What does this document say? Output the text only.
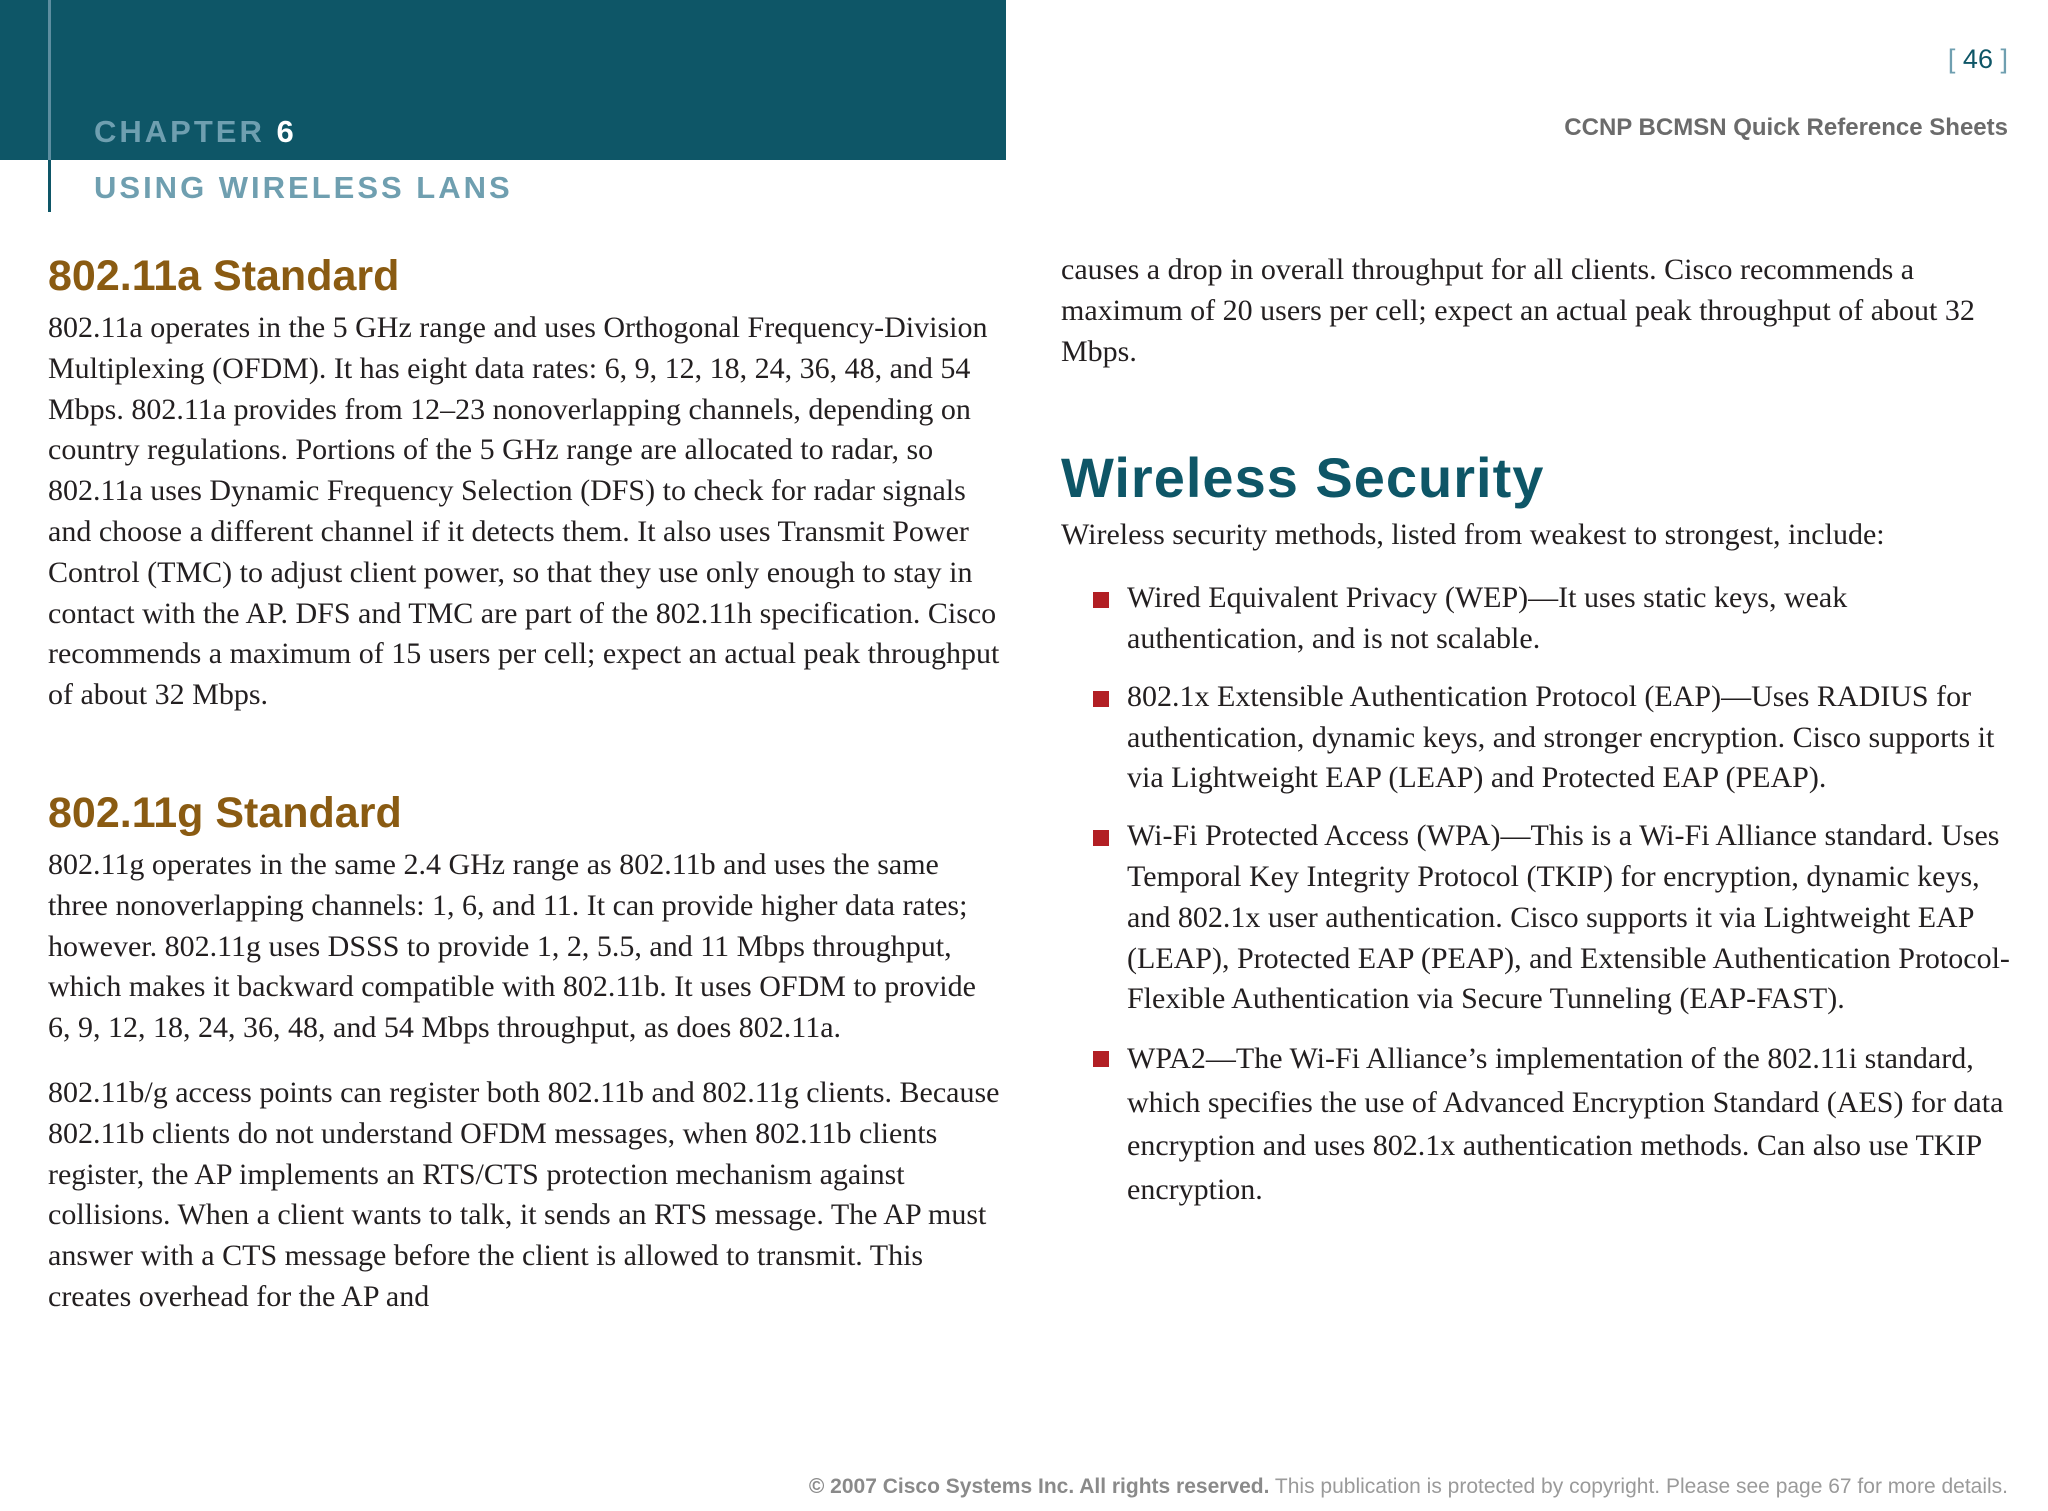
CHAPTER 6
USING WIRELESS LANS
[ 46 ]
CCNP BCMSN Quick Reference Sheets
802.11a Standard
802.11a operates in the 5 GHz range and uses Orthogonal Frequency-Division Multiplexing (OFDM). It has eight data rates: 6, 9, 12, 18, 24, 36, 48, and 54 Mbps. 802.11a provides from 12–23 nonoverlapping channels, depending on country regulations. Portions of the 5 GHz range are allocated to radar, so 802.11a uses Dynamic Frequency Selection (DFS) to check for radar signals and choose a different channel if it detects them. It also uses Transmit Power Control (TMC) to adjust client power, so that they use only enough to stay in contact with the AP. DFS and TMC are part of the 802.11h specification. Cisco recommends a maximum of 15 users per cell; expect an actual peak throughput of about 32 Mbps.
802.11g Standard
802.11g operates in the same 2.4 GHz range as 802.11b and uses the same three nonoverlapping channels: 1, 6, and 11. It can provide higher data rates; however. 802.11g uses DSSS to provide 1, 2, 5.5, and 11 Mbps throughput, which makes it backward compatible with 802.11b. It uses OFDM to provide 6, 9, 12, 18, 24, 36, 48, and 54 Mbps throughput, as does 802.11a.
802.11b/g access points can register both 802.11b and 802.11g clients. Because 802.11b clients do not understand OFDM messages, when 802.11b clients register, the AP implements an RTS/CTS protection mechanism against collisions. When a client wants to talk, it sends an RTS message. The AP must answer with a CTS message before the client is allowed to transmit. This creates overhead for the AP and
causes a drop in overall throughput for all clients. Cisco recommends a maximum of 20 users per cell; expect an actual peak throughput of about 32 Mbps.
Wireless Security
Wireless security methods, listed from weakest to strongest, include:
Wired Equivalent Privacy (WEP)—It uses static keys, weak authentication, and is not scalable.
802.1x Extensible Authentication Protocol (EAP)—Uses RADIUS for authentication, dynamic keys, and stronger encryption. Cisco supports it via Lightweight EAP (LEAP) and Protected EAP (PEAP).
Wi-Fi Protected Access (WPA)—This is a Wi-Fi Alliance standard. Uses Temporal Key Integrity Protocol (TKIP) for encryption, dynamic keys, and 802.1x user authentication. Cisco supports it via Lightweight EAP (LEAP), Protected EAP (PEAP), and Extensible Authentication Protocol-Flexible Authentication via Secure Tunneling (EAP-FAST).
WPA2—The Wi-Fi Alliance’s implementation of the 802.11i standard, which specifies the use of Advanced Encryption Standard (AES) for data encryption and uses 802.1x authentication methods. Can also use TKIP encryption.
© 2007 Cisco Systems Inc. All rights reserved. This publication is protected by copyright. Please see page 67 for more details.
